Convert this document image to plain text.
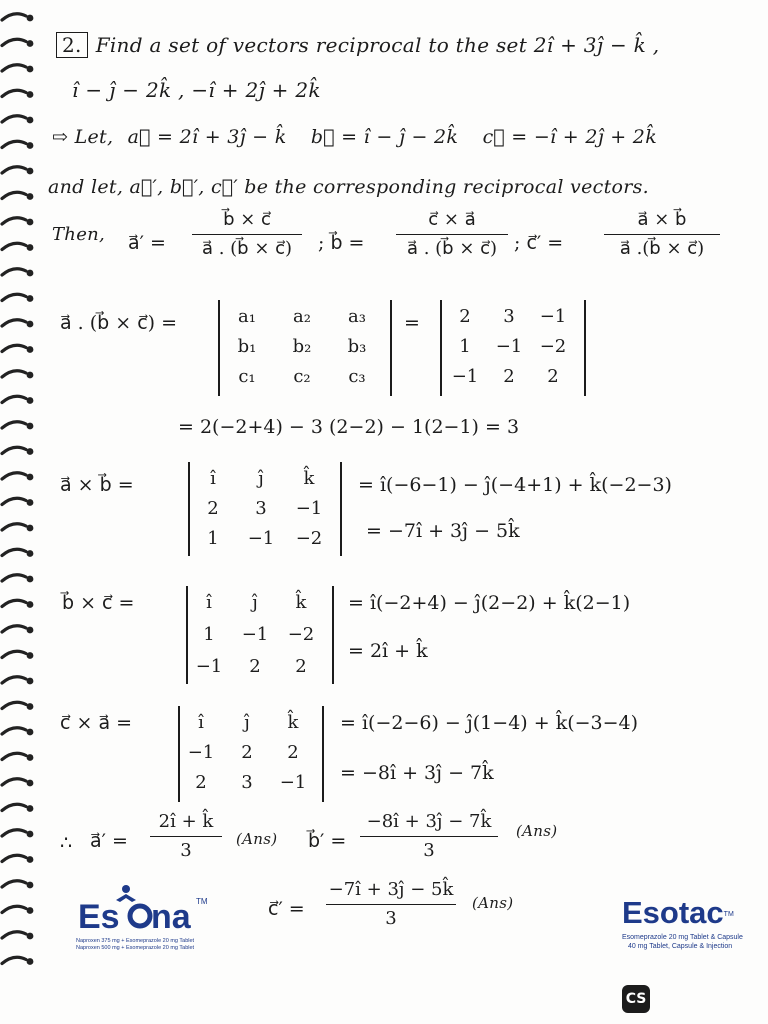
2. Find a set of vectors reciprocal to the set 2î + 3ĵ − k̂ ,
î − ĵ − 2k̂ , −î + 2ĵ + 2k̂
⇨ Let, a⃗ = 2î + 3ĵ − k̂ b⃗ = î − ĵ − 2k̂ c⃗ = −î + 2ĵ + 2k̂
and let, a⃗′, b⃗′, c⃗′ be the corresponding reciprocal vectors.
Then, a⃗′ =
b⃗ × c⃗
a⃗ . (b⃗ × c⃗)	; b⃗ =
c⃗ × a⃗
a⃗ . (b⃗ × c⃗) ; c⃗′ =
a⃗ × b⃗
a⃗ .(b⃗ × c⃗)
a⃗ . (b⃗ × c⃗) =	a₁	a₂	a₃
b₁	b₂	b₃
c₁	c₂	c₃
=	2	3	−1
1	−1 −2
−1	2	2
= 2(−2+4) − 3 (2−2) − 1(2−1) = 3
a⃗ × b⃗ =	î	ĵ	k̂
2	3	−1
1	−1	−2
= î(−6−1) − ĵ(−4+1) + k̂(−2−3)
= −7î + 3ĵ − 5k̂
b⃗ × c⃗ =	î	ĵ	k̂
1	−1	−2
−1	2	2
= î(−2+4) − ĵ(2−2) + k̂(2−1)
= 2î + k̂
c⃗ × a⃗ =	î	ĵ	k̂
−1	2	2
2	3	−1
= î(−2−6) − ĵ(1−4) + k̂(−3−4)
= −8î + 3ĵ − 7k̂
∴ a⃗′ =
2î + k̂
3
(Ans) b⃗′ =
−8î + 3ĵ − 7k̂
3
(Ans)
c⃗′ =
−7î + 3ĵ − 5k̂
3
(Ans)
Es na TM
Naproxen 375 mg + Esomeprazole 20 mg Tablet
Naproxen 500 mg + Esomeprazole 20 mg Tablet
Esotac TM
Esomeprazole 20 mg Tablet & Capsule
40 mg Tablet, Capsule & Injection
CS
